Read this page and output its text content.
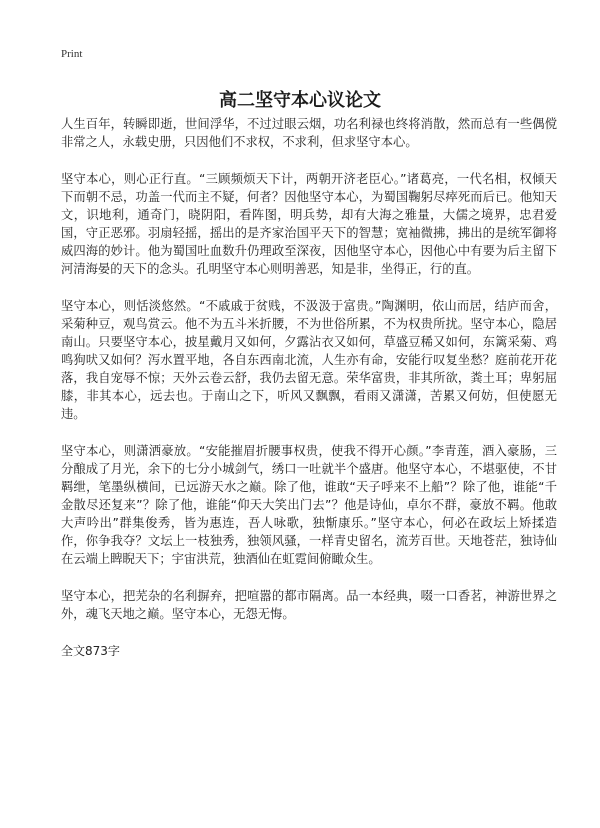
Print
高二坚守本心议论文

人生百年，转瞬即逝，世间浮华，不过过眼云烟，功名利禄也终将消散，然而总有一些偶傥非常之人，永载史册，只因他们不求权，不求利，但求坚守本心。

坚守本心，则心正行直。“三顾频烦天下计，两朝开济老臣心。”诸葛亮，一代名相，权倾天下而朝不忌，功盖一代而主不疑，何者？因他坚守本心，为蜀国鞠躬尽瘁死而后已。他知天文，识地利，通奇门，晓阴阳，看阵图，明兵势，却有大海之雅量，大儒之境界，忠君爱国，守正恶邪。羽扇轻摇，摇出的是齐家治国平天下的智慧；宽袖微拂，拂出的是统军御将威四海的妙计。他为蜀国吐血数升仍理政至深夜，因他坚守本心，因他心中有要为后主留下河清海晏的天下的念头。孔明坚守本心则明善恶，知是非，坐得正，行的直。

坚守本心，则恬淡悠然。“不戚戚于贫贱，不汲汲于富贵。”陶渊明，依山而居，结庐而舍，采菊种豆，观鸟赏云。他不为五斗米折腰，不为世俗所累，不为权贵所扰。坚守本心，隐居南山。只要坚守本心，披星戴月又如何，夕露沾衣又如何，草盛豆稀又如何，东篱采菊、鸡鸣狗吠又如何？泻水置平地，各自东西南北流，人生亦有命，安能行叹复坐愁？庭前花开花落，我自宠辱不惊；天外云卷云舒，我仍去留无意。荣华富贵，非其所欲，粪土耳；卑躬屈膝，非其本心，远去也。于南山之下，听风又飘飘，看雨又潇潇，苦累又何妨，但使愿无违。

坚守本心，则潇洒豪放。“安能摧眉折腰事权贵，使我不得开心颜。”李青莲，酒入豪肠，三分酿成了月光，余下的七分小城剑气，绣口一吐就半个盛唐。他坚守本心，不堪驱使，不甘羁绁，笔墨纵横间，已远游天水之巅。除了他，谁敢“天子呼来不上船”？除了他，谁能“千金散尽还复来”？除了他，谁能“仰天大笑出门去”？他是诗仙，卓尔不群，豪放不羁。他敢大声吟出”群集俊秀，皆为惠连，吾人咏歌，独惭康乐。”坚守本心，何必在政坛上矫揉造作，你争我夺？文坛上一枝独秀，独领风骚，一样青史留名，流芳百世。天地苍茫，独诗仙在云端上睥睨天下；宇宙洪荒，独酒仙在虹霓间俯瞰众生。

坚守本心，把芜杂的名利摒弃，把喧嚣的都市隔离。品一本经典，啜一口香茗，神游世界之外，魂飞天地之巅。坚守本心，无怨无悔。

全文873字
